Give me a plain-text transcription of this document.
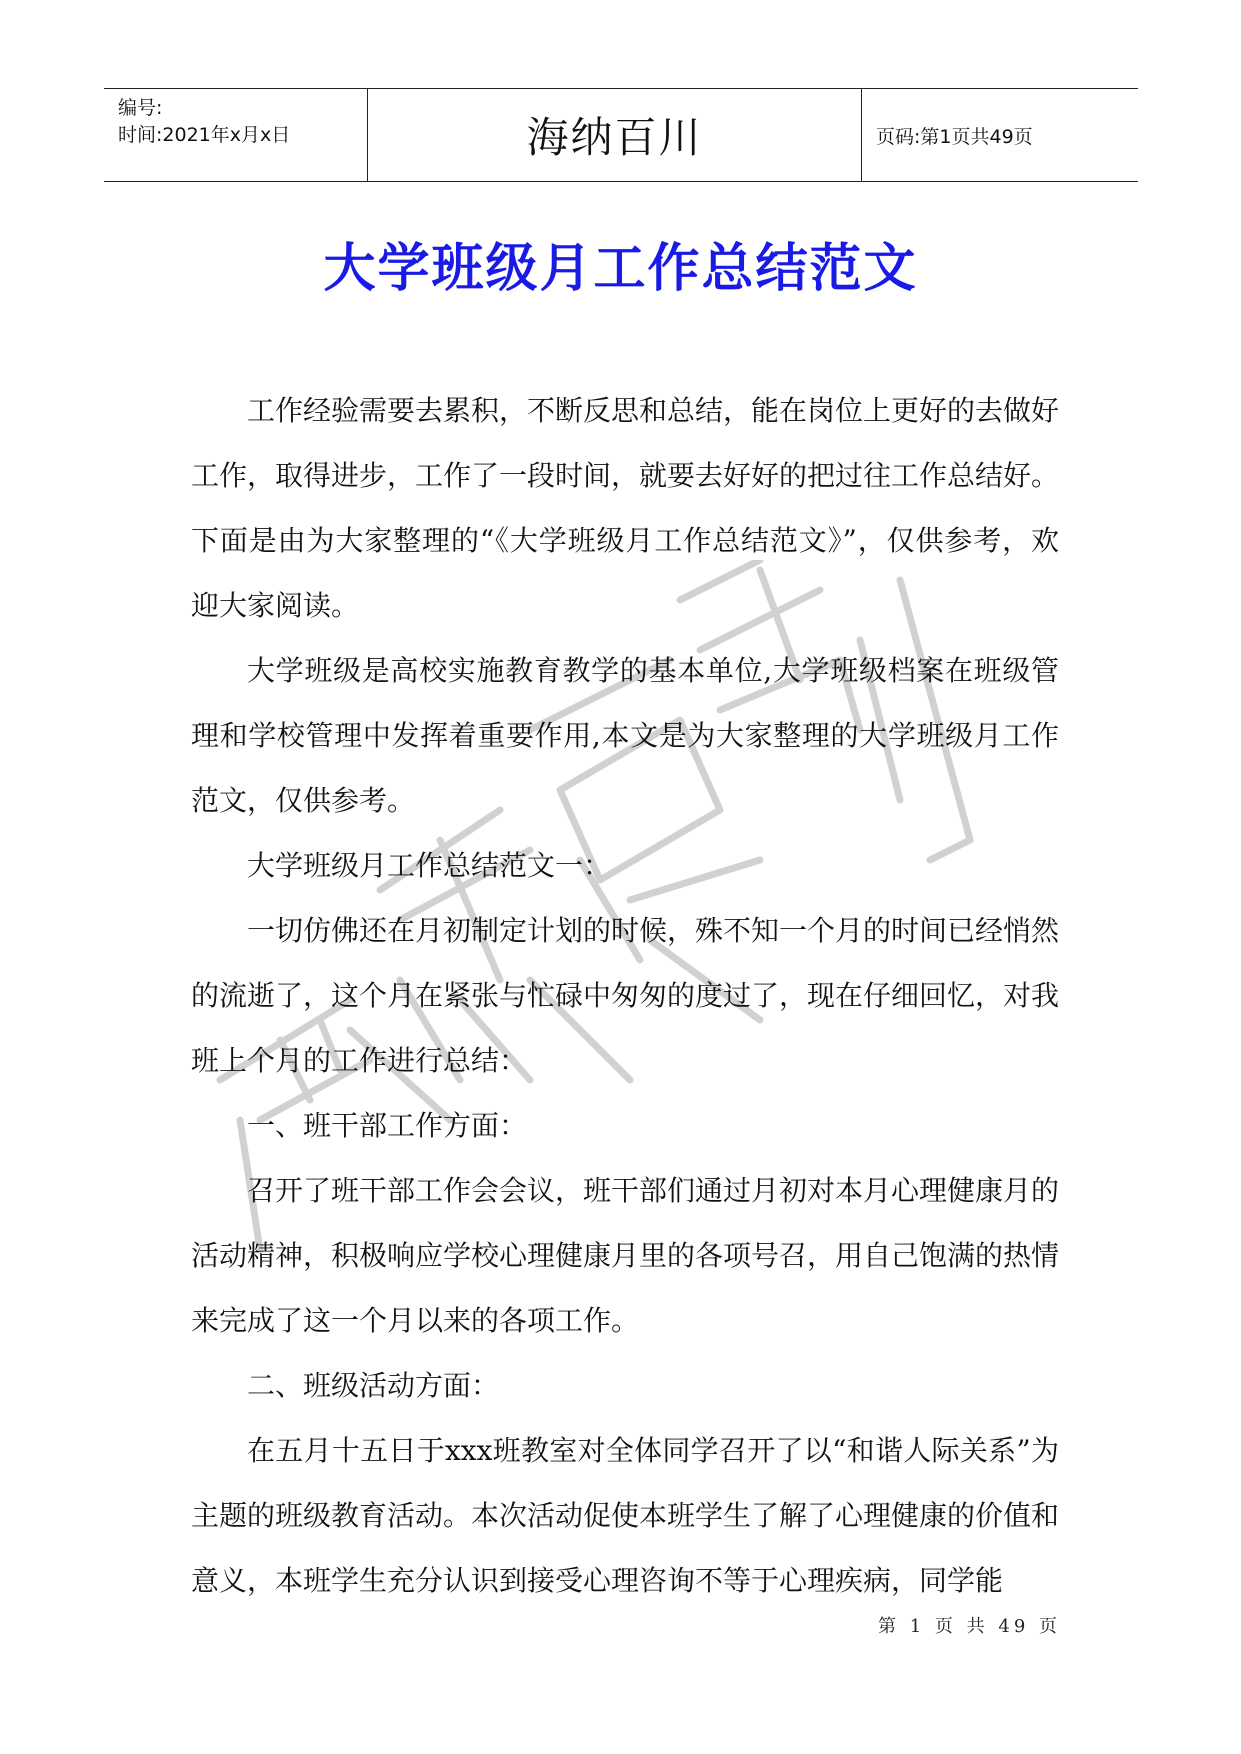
编号:
时间:2021年x月x日	海纳百川	页码:第1页共49页
大学班级月工作总结范文

工作经验需要去累积，不断反思和总结，能在岗位上更好的去做好工作，取得进步，工作了一段时间，就要去好好的把过往工作总结好。下面是由为大家整理的“《大学班级月工作总结范文》”，仅供参考，欢迎大家阅读。

大学班级是高校实施教育教学的基本单位,大学班级档案在班级管理和学校管理中发挥着重要作用,本文是为大家整理的大学班级月工作范文，仅供参考。

大学班级月工作总结范文一：

一切仿佛还在月初制定计划的时候，殊不知一个月的时间已经悄然的流逝了，这个月在紧张与忙碌中匆匆的度过了，现在仔细回忆，对我班上个月的工作进行总结：

一、班干部工作方面：

召开了班干部工作会会议，班干部们通过月初对本月心理健康月的活动精神，积极响应学校心理健康月里的各项号召，用自己饱满的热情来完成了这一个月以来的各项工作。

二、班级活动方面：

在五月十五日于xxx班教室对全体同学召开了以“和谐人际关系”为主题的班级教育活动。本次活动促使本班学生了解了心理健康的价值和意义，本班学生充分认识到接受心理咨询不等于心理疾病，同学能

第 1 页 共 49 页
